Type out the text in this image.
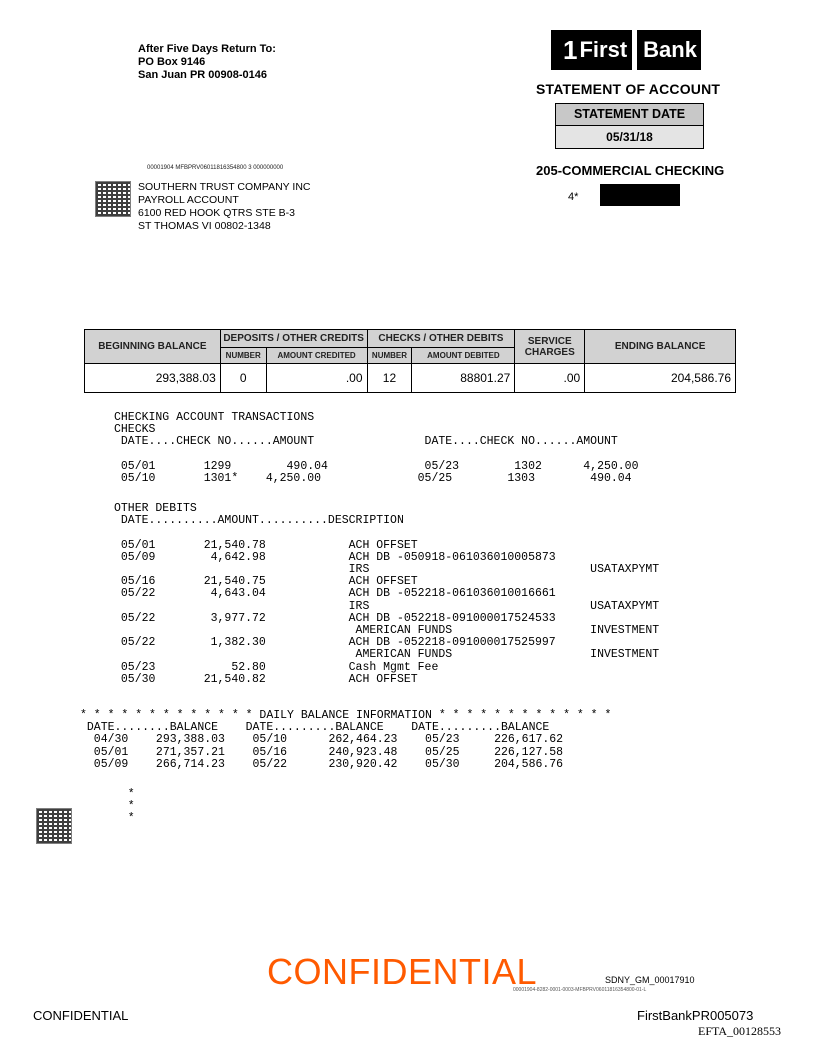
After Five Days Return To:
PO Box 9146
San Juan PR 00908-0146
1 First Bank
STATEMENT OF ACCOUNT
STATEMENT DATE
05/31/18
00001904 MFBPRV06011816354800 3 000000000	205-COMMERCIAL CHECKING
4*
SOUTHERN TRUST COMPANY INC
PAYROLL ACCOUNT
6100 RED HOOK QTRS STE B-3
ST THOMAS VI 00802-1348
BEGINNING BALANCE	DEPOSITS / OTHER CREDITS		CHECKS / OTHER DEBITS		SERVICE CHARGES	ENDING BALANCE
	NUMBER	AMOUNT CREDITED	NUMBER	AMOUNT DEBITED		
293,388.03	0	.00	12	88801.27	.00	204,586.76
CHECKING ACCOUNT TRANSACTIONS
CHECKS
DATE....CHECK NO......AMOUNT                DATE....CHECK NO......AMOUNT

05/01       1299        490.04              05/23        1302      4,250.00
05/10       1301*    4,250.00              05/25        1303        490.04
OTHER DEBITS
DATE..........AMOUNT..........DESCRIPTION

05/01       21,540.78            ACH OFFSET
05/09        4,642.98            ACH DB -050918-061036010005873
IRS                                USATAXPYMT
05/16       21,540.75            ACH OFFSET
05/22        4,643.04            ACH DB -052218-061036010016661
IRS                                USATAXPYMT
05/22        3,977.72            ACH DB -052218-091000017524533
AMERICAN FUNDS                    INVESTMENT
05/22        1,382.30            ACH DB -052218-091000017525997
AMERICAN FUNDS                    INVESTMENT
05/23           52.80            Cash Mgmt Fee
05/30       21,540.82            ACH OFFSET
* * * * * * * * * * * * * DAILY BALANCE INFORMATION * * * * * * * * * * * * *
DATE........BALANCE    DATE.........BALANCE    DATE.........BALANCE
04/30    293,388.03    05/10      262,464.23    05/23     226,617.62
05/01    271,357.21    05/16      240,923.48    05/25     226,127.58
05/09    266,714.23    05/22      230,920.42    05/30     204,586.76
*
*
*
CONFIDENTIAL	SDNY_GM_00017910
00001904-8282-0001-0003-MFBPRV06011816354800-01-L
CONFIDENTIAL	FirstBankPR005073
EFTA_00128553
